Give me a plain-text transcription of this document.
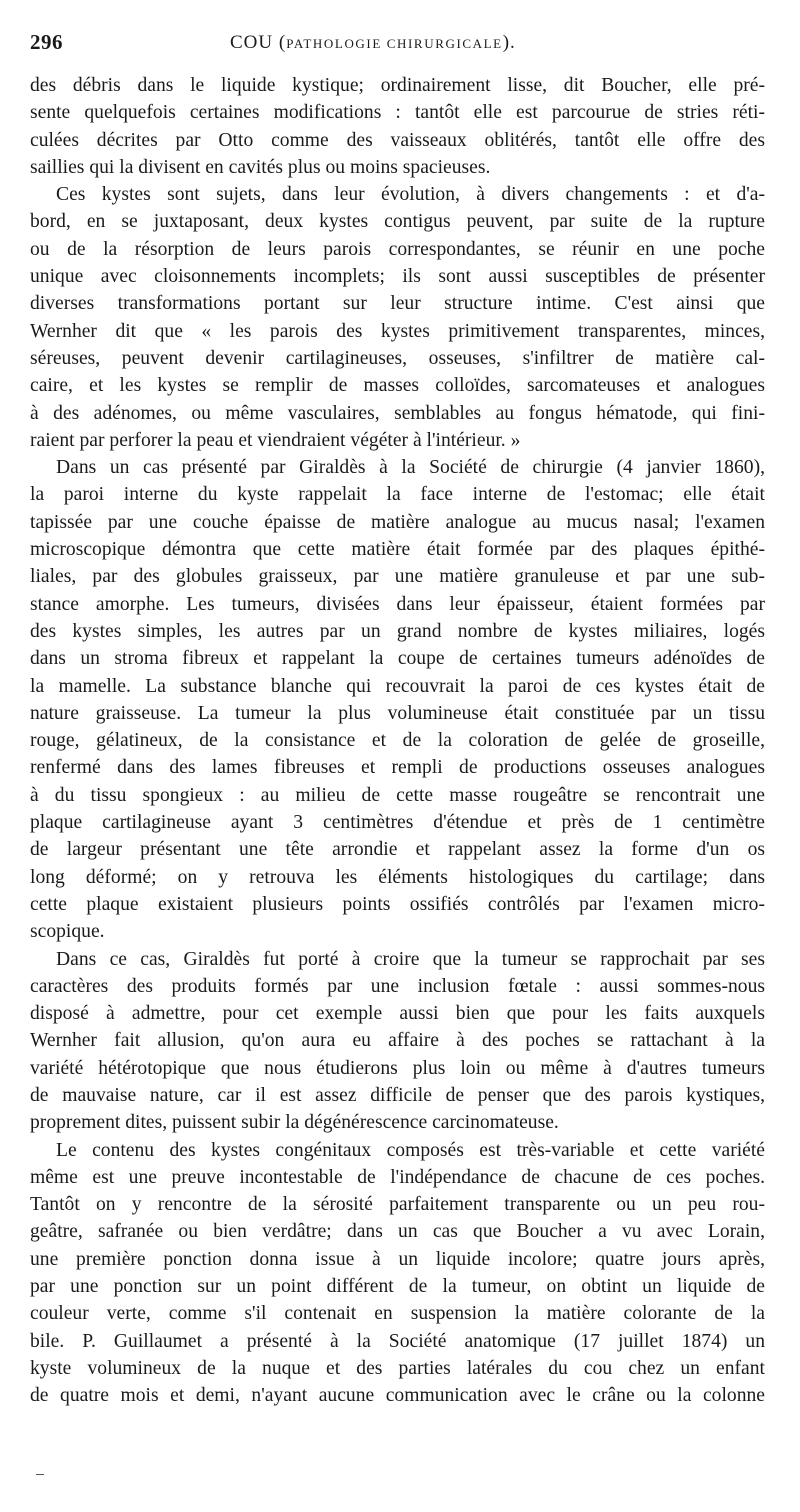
296	COU (PATHOLOGIE CHIRURGICALE).
des débris dans le liquide kystique; ordinairement lisse, dit Boucher, elle pré-
sente quelquefois certaines modifications : tantôt elle est parcourue de stries réti-
culées décrites par Otto comme des vaisseaux oblitérés, tantôt elle offre des
saillies qui la divisent en cavités plus ou moins spacieuses.
Ces kystes sont sujets, dans leur évolution, à divers changements : et d'a-
bord, en se juxtaposant, deux kystes contigus peuvent, par suite de la rupture
ou de la résorption de leurs parois correspondantes, se réunir en une poche
unique avec cloisonnements incomplets; ils sont aussi susceptibles de présenter
diverses transformations portant sur leur structure intime. C'est ainsi que
Wernher dit que « les parois des kystes primitivement transparentes, minces,
séreuses, peuvent devenir cartilagineuses, osseuses, s'infiltrer de matière cal-
caire, et les kystes se remplir de masses colloïdes, sarcomateuses et analogues
à des adénomes, ou même vasculaires, semblables au fongus hématode, qui fini-
raient par perforer la peau et viendraient végéter à l'intérieur. »
Dans un cas présenté par Giraldès à la Société de chirurgie (4 janvier 1860),
la paroi interne du kyste rappelait la face interne de l'estomac; elle était
tapissée par une couche épaisse de matière analogue au mucus nasal; l'examen
microscopique démontra que cette matière était formée par des plaques épithé-
liales, par des globules graisseux, par une matière granuleuse et par une sub-
stance amorphe. Les tumeurs, divisées dans leur épaisseur, étaient formées par
des kystes simples, les autres par un grand nombre de kystes miliaires, logés
dans un stroma fibreux et rappelant la coupe de certaines tumeurs adénoïdes de
la mamelle. La substance blanche qui recouvrait la paroi de ces kystes était de
nature graisseuse. La tumeur la plus volumineuse était constituée par un tissu
rouge, gélatineux, de la consistance et de la coloration de gelée de groseille,
renfermé dans des lames fibreuses et rempli de productions osseuses analogues
à du tissu spongieux : au milieu de cette masse rougeâtre se rencontrait une
plaque cartilagineuse ayant 3 centimètres d'étendue et près de 1 centimètre
de largeur présentant une tête arrondie et rappelant assez la forme d'un os
long déformé; on y retrouva les éléments histologiques du cartilage; dans
cette plaque existaient plusieurs points ossifiés contrôlés par l'examen micro-
scopique.
Dans ce cas, Giraldès fut porté à croire que la tumeur se rapprochait par ses
caractères des produits formés par une inclusion fœtale : aussi sommes-nous
disposé à admettre, pour cet exemple aussi bien que pour les faits auxquels
Wernher fait allusion, qu'on aura eu affaire à des poches se rattachant à la
variété hétérotopique que nous étudierons plus loin ou même à d'autres tumeurs
de mauvaise nature, car il est assez difficile de penser que des parois kystiques,
proprement dites, puissent subir la dégénérescence carcinomateuse.
Le contenu des kystes congénitaux composés est très-variable et cette variété
même est une preuve incontestable de l'indépendance de chacune de ces poches.
Tantôt on y rencontre de la sérosité parfaitement transparente ou un peu rou-
geâtre, safranée ou bien verdâtre; dans un cas que Boucher a vu avec Lorain,
une première ponction donna issue à un liquide incolore; quatre jours après,
par une ponction sur un point différent de la tumeur, on obtint un liquide de
couleur verte, comme s'il contenait en suspension la matière colorante de la
bile. P. Guillaumet a présenté à la Société anatomique (17 juillet 1874) un
kyste volumineux de la nuque et des parties latérales du cou chez un enfant
de quatre mois et demi, n'ayant aucune communication avec le crâne ou la colonne
